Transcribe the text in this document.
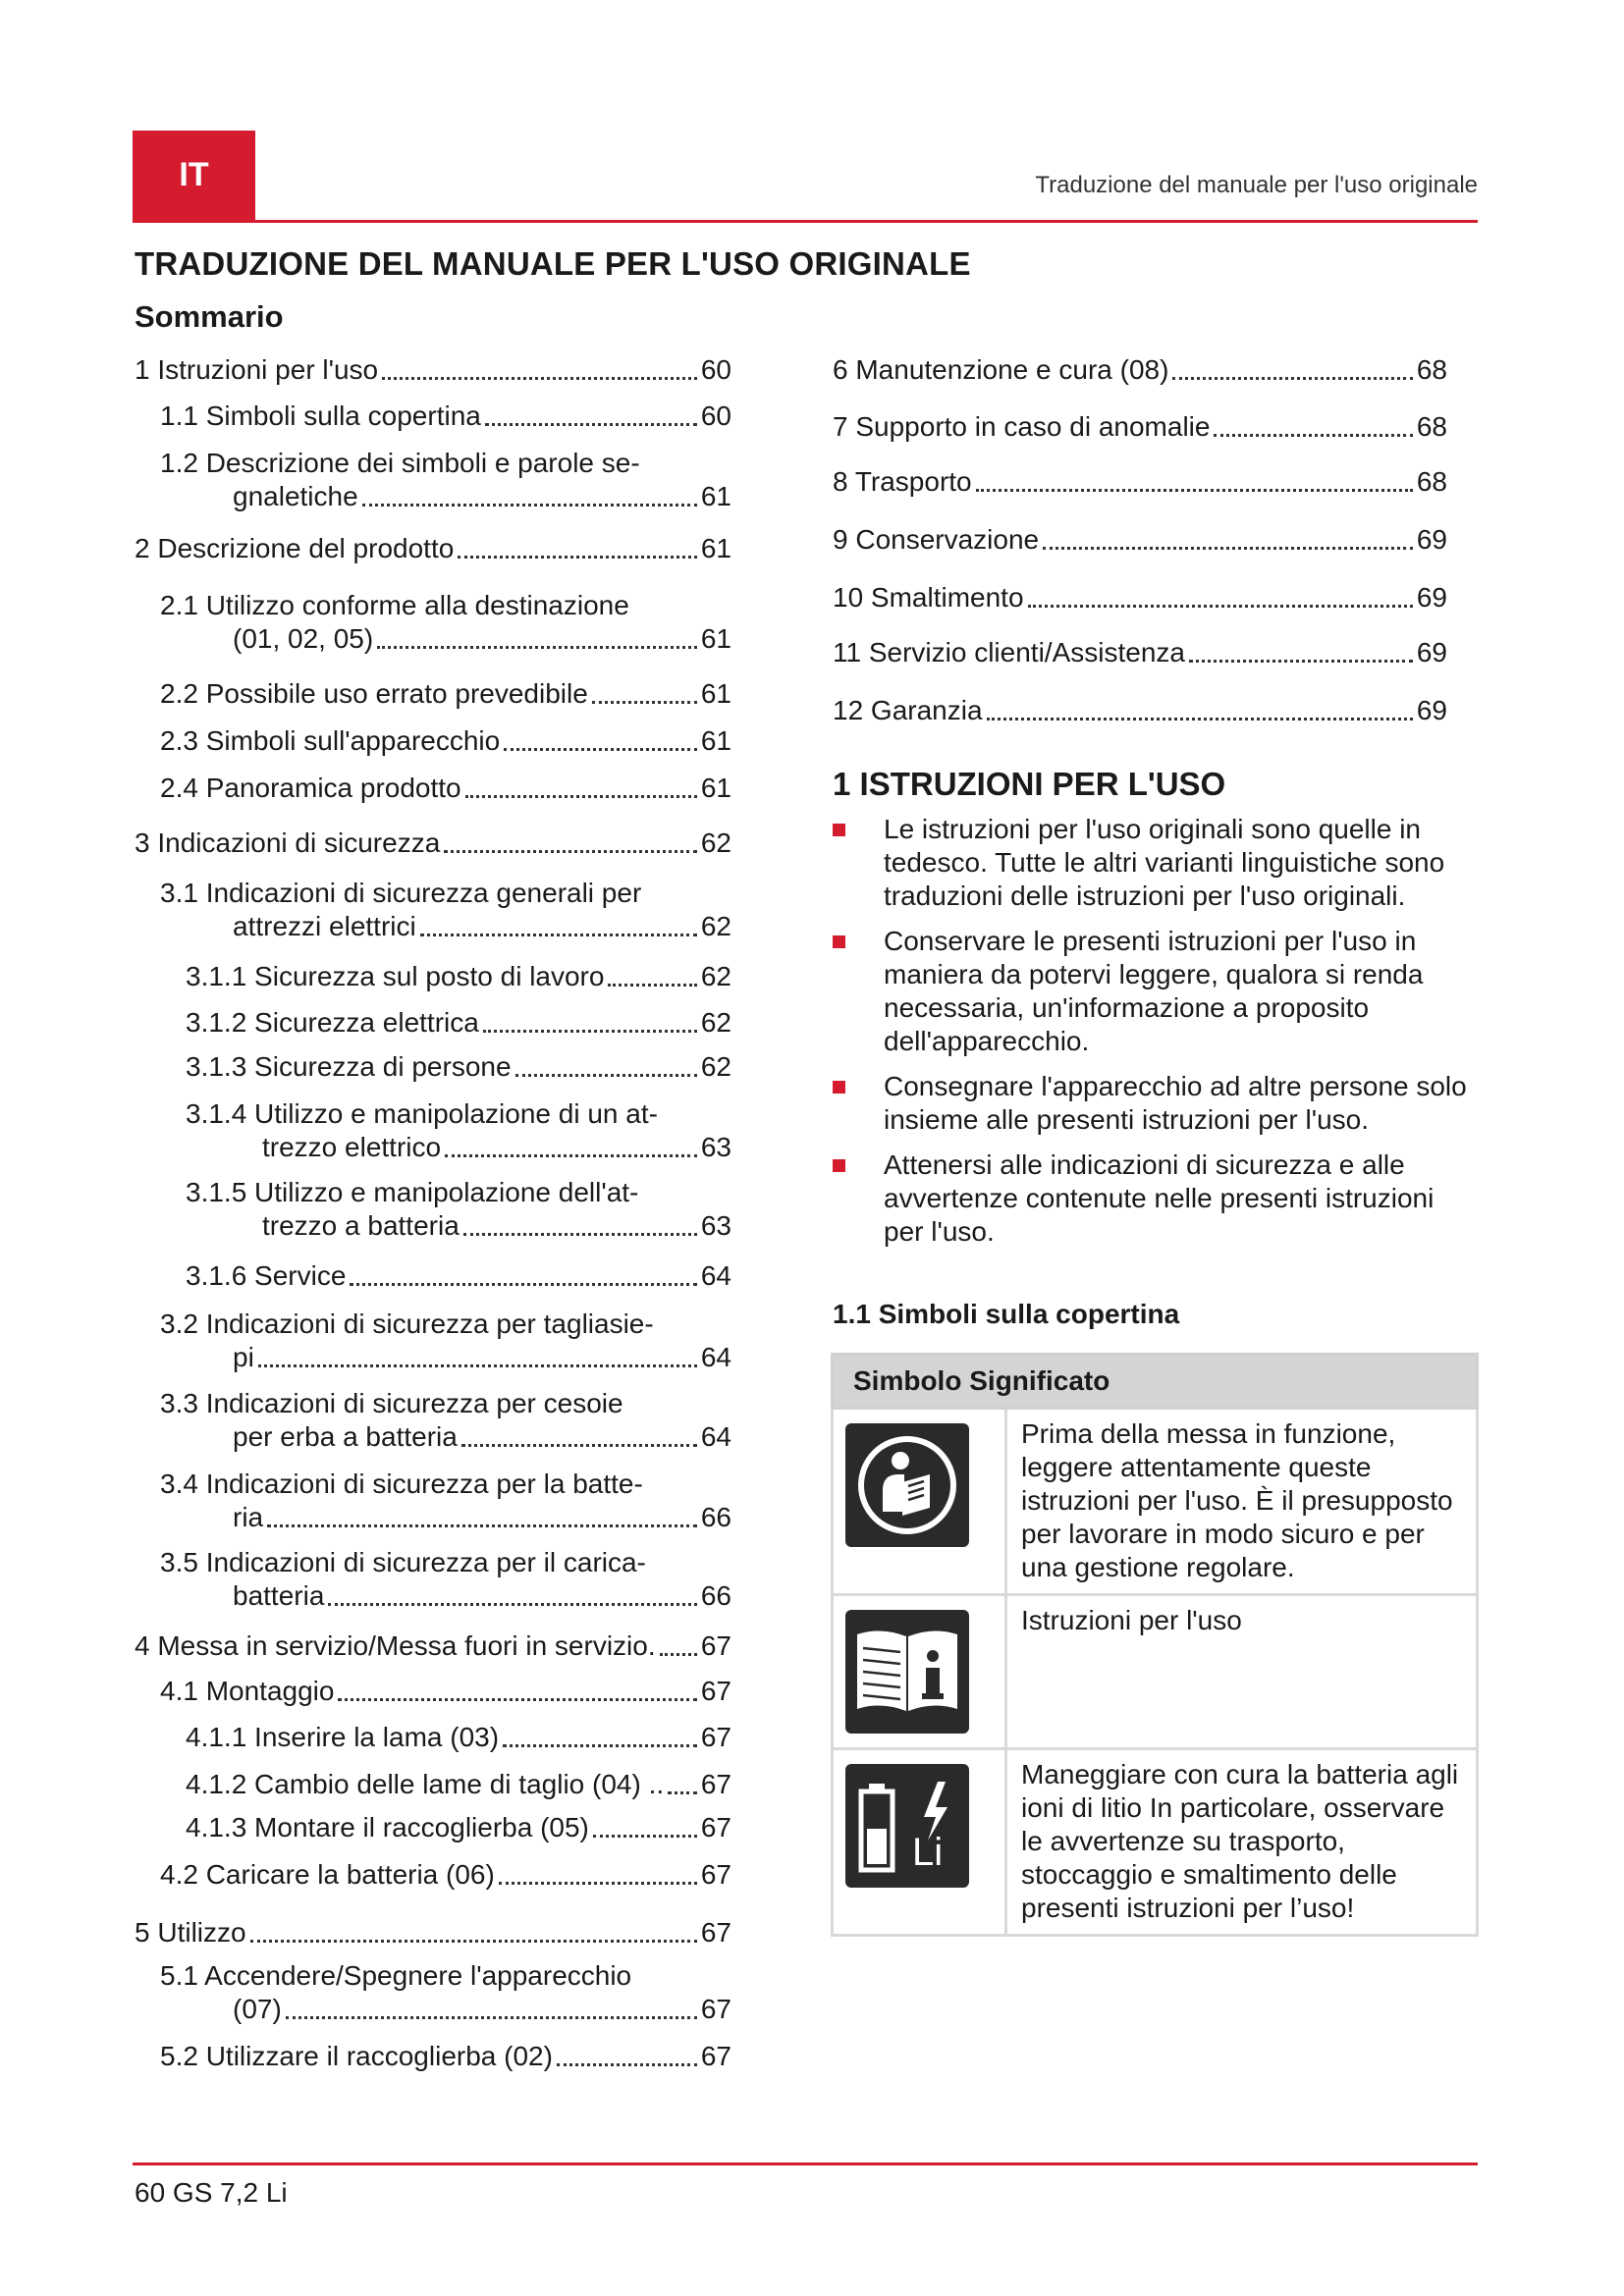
IT	Traduzione del manuale per l'uso originale
TRADUZIONE DEL MANUALE PER L'USO ORIGINALE
Sommario
1 Istruzioni per l'uso	60
1.1 Simboli sulla copertina	60
1.2 Descrizione dei simboli e parole se-
gnaletiche	61
2 Descrizione del prodotto	61
2.1 Utilizzo conforme alla destinazione
(01, 02, 05)	61
2.2 Possibile uso errato prevedibile	61
2.3 Simboli sull'apparecchio	61
2.4 Panoramica prodotto	61
3 Indicazioni di sicurezza	62
3.1 Indicazioni di sicurezza generali per
attrezzi elettrici	62
3.1.1 Sicurezza sul posto di lavoro	62
3.1.2 Sicurezza elettrica	62
3.1.3 Sicurezza di persone	62
3.1.4 Utilizzo e manipolazione di un at-
trezzo elettrico	63
3.1.5 Utilizzo e manipolazione dell'at-
trezzo a batteria	63
3.1.6 Service	64
3.2 Indicazioni di sicurezza per tagliasie-
pi	64
3.3 Indicazioni di sicurezza per cesoie
per erba a batteria	64
3.4 Indicazioni di sicurezza per la batte-
ria	66
3.5 Indicazioni di sicurezza per il carica-
batteria	66
4 Messa in servizio/Messa fuori in servizio. 67
4.1 Montaggio	67
4.1.1 Inserire la lama (03)	67
4.1.2 Cambio delle lame di taglio (04) .. 67
4.1.3 Montare il raccoglierba (05)	67
4.2 Caricare la batteria (06)	67
5 Utilizzo	67
5.1 Accendere/Spegnere l'apparecchio
(07)	67
5.2 Utilizzare il raccoglierba (02)	67
6 Manutenzione e cura (08)	68
7 Supporto in caso di anomalie	68
8 Trasporto	68
9 Conservazione	69
10 Smaltimento	69
11 Servizio clienti/Assistenza	69
12 Garanzia	69
1 ISTRUZIONI PER L'USO
Le istruzioni per l'uso originali sono quelle in tedesco. Tutte le altri varianti linguistiche sono traduzioni delle istruzioni per l'uso originali.
Conservare le presenti istruzioni per l'uso in maniera da potervi leggere, qualora si renda necessaria, un'informazione a proposito dell'apparecchio.
Consegnare l'apparecchio ad altre persone solo insieme alle presenti istruzioni per l'uso.
Attenersi alle indicazioni di sicurezza e alle avvertenze contenute nelle presenti istruzioni per l'uso.
1.1 Simboli sulla copertina
Simbolo Significato	

	Prima della messa in funzione, leggere attentamente queste istruzioni per l'uso. È il presupposto per lavorare in modo sicuro e per una gestione regolare.

	Istruzioni per l'uso

Li	Maneggiare con cura la batteria agli ioni di litio In particolare, osservare le avvertenze su trasporto, stoccaggio e smaltimento delle presenti istruzioni per l’uso!
60 GS 7,2 Li
